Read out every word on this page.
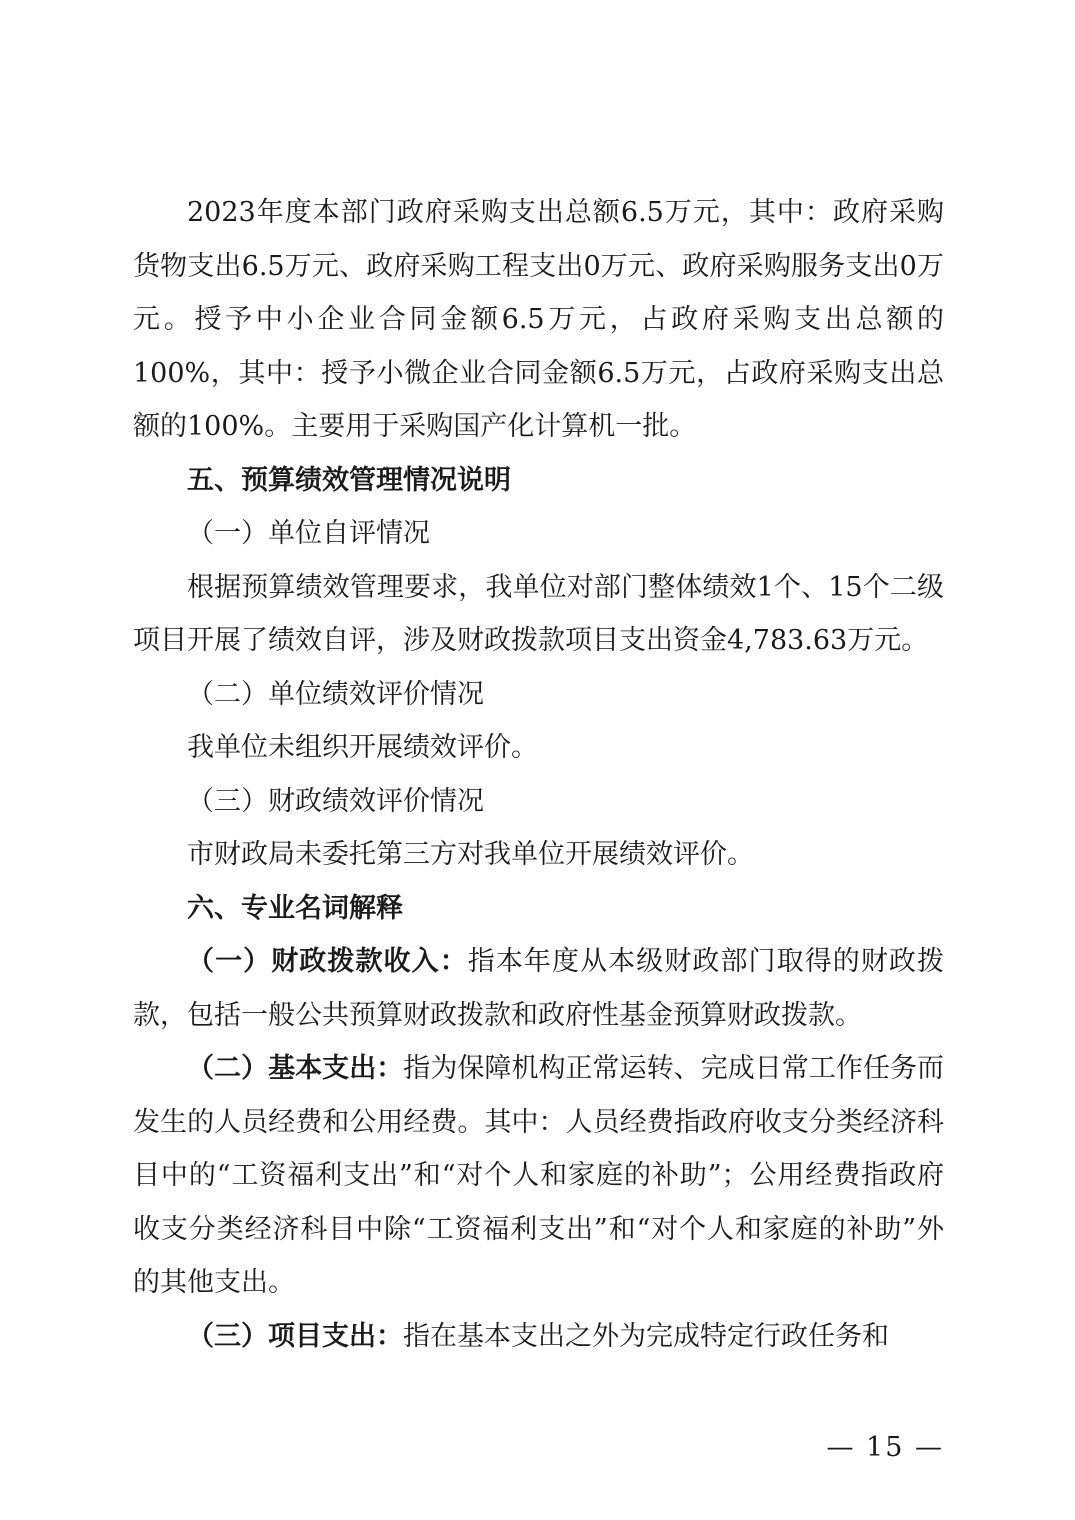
2023年度本部门政府采购支出总额6.5万元，其中：政府采购货物支出6.5万元、政府采购工程支出0万元、政府采购服务支出0万元。授予中小企业合同金额6.5万元，占政府采购支出总额的100%，其中：授予小微企业合同金额6.5万元，占政府采购支出总额的100%。主要用于采购国产化计算机一批。

五、预算绩效管理情况说明

（一）单位自评情况

根据预算绩效管理要求，我单位对部门整体绩效1个、15个二级项目开展了绩效自评，涉及财政拨款项目支出资金4,783.63万元。

（二）单位绩效评价情况

我单位未组织开展绩效评价。

（三）财政绩效评价情况

市财政局未委托第三方对我单位开展绩效评价。

六、专业名词解释

（一）财政拨款收入：指本年度从本级财政部门取得的财政拨款，包括一般公共预算财政拨款和政府性基金预算财政拨款。

（二）基本支出：指为保障机构正常运转、完成日常工作任务而发生的人员经费和公用经费。其中：人员经费指政府收支分类经济科目中的“工资福利支出”和“对个人和家庭的补助”；公用经费指政府收支分类经济科目中除“工资福利支出”和“对个人和家庭的补助”外的其他支出。

（三）项目支出：指在基本支出之外为完成特定行政任务和

— 15 —
